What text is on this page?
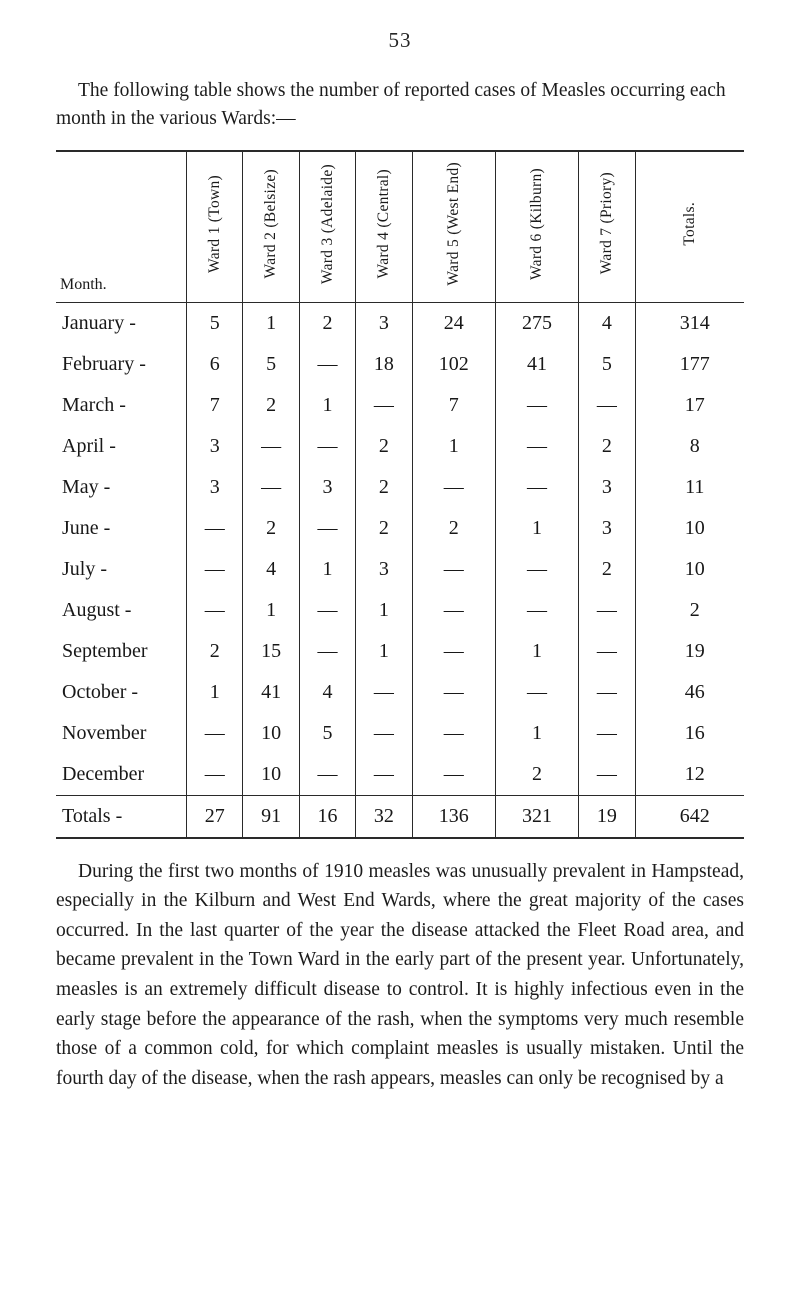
53

The following table shows the number of reported cases of Measles occurring each month in the various Wards:—

Month.	Ward 1 (Town)	Ward 2 (Belsize)	Ward 3 (Adelaide)	Ward 4 (Central)	Ward 5 (West End)	Ward 6 (Kilburn)	Ward 7 (Priory)	Totals.

January -	5	1	2	3	24	275	4	314
February -	6	5	—	18	102	41	5	177
March -	7	2	1	—	7	—	—	17
April -	3	—	—	2	1	—	2	8
May -	3	—	3	2	—	—	3	11
June -	—	2	—	2	2	1	3	10
July -	—	4	1	3	—	—	2	10
August -	—	1	—	1	—	—	—	2
September	2	15	—	1	—	1	—	19
October -	1	41	4	—	—	—	—	46
November	—	10	5	—	—	1	—	16
December	—	10	—	—	—	2	—	12
Totals -	27	91	16	32	136	321	19	642

During the first two months of 1910 measles was unusually prevalent in Hampstead, especially in the Kilburn and West End Wards, where the great majority of the cases occurred. In the last quarter of the year the disease attacked the Fleet Road area, and became prevalent in the Town Ward in the early part of the present year. Unfortunately, measles is an extremely difficult disease to control. It is highly infectious even in the early stage before the appearance of the rash, when the symptoms very much resemble those of a common cold, for which complaint measles is usually mistaken. Until the fourth day of the disease, when the rash appears, measles can only be recognised by a
